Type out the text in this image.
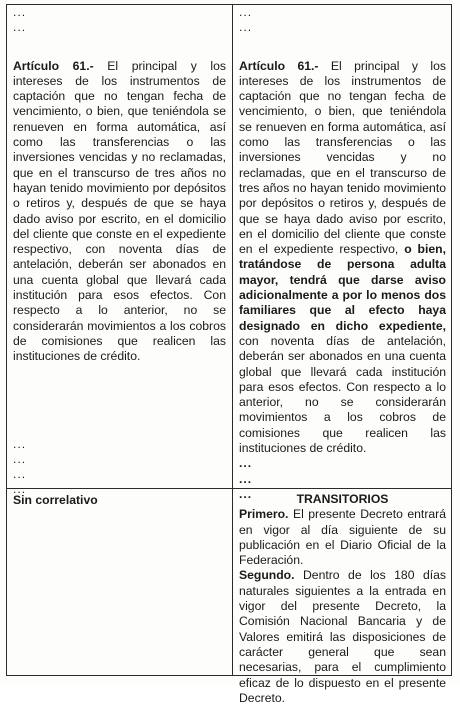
...
...

Artículo 61.- El principal y los intereses de los instrumentos de captación que no tengan fecha de vencimiento, o bien, que teniéndola se renueven en forma automática, así como las transferencias o las inversiones vencidas y no reclamadas, que en el transcurso de tres años no hayan tenido movimiento por depósitos o retiros y, después de que se haya dado aviso por escrito, en el domicilio del cliente que conste en el expediente respectivo, con noventa días de antelación, deberán ser abonados en una cuenta global que llevará cada institución para esos efectos. Con respecto a lo anterior, no se considerarán movimientos a los cobros de comisiones que realicen las instituciones de crédito.

...
...
...
...
...
...

Artículo 61.- El principal y los intereses de los instrumentos de captación que no tengan fecha de vencimiento, o bien, que teniéndola se renueven en forma automática, así como las transferencias o las inversiones vencidas y no reclamadas, que en el transcurso de tres años no hayan tenido movimiento por depósitos o retiros y, después de que se haya dado aviso por escrito, en el domicilio del cliente que conste en el expediente respectivo, o bien, tratándose de persona adulta mayor, tendrá que darse aviso adicionalmente a por lo menos dos familiares que al efecto haya designado en dicho expediente, con noventa días de antelación, deberán ser abonados en una cuenta global que llevará cada institución para esos efectos. Con respecto a lo anterior, no se considerarán movimientos a los cobros de comisiones que realicen las instituciones de crédito.

...
...
...
Sin correlativo	TRANSITORIOS

Primero. El presente Decreto entrará en vigor al día siguiente de su publicación en el Diario Oficial de la Federación.

Segundo. Dentro de los 180 días naturales siguientes a la entrada en vigor del presente Decreto, la Comisión Nacional Bancaria y de Valores emitirá las disposiciones de carácter general que sean necesarias, para el cumplimiento eficaz de lo dispuesto en el presente Decreto.
